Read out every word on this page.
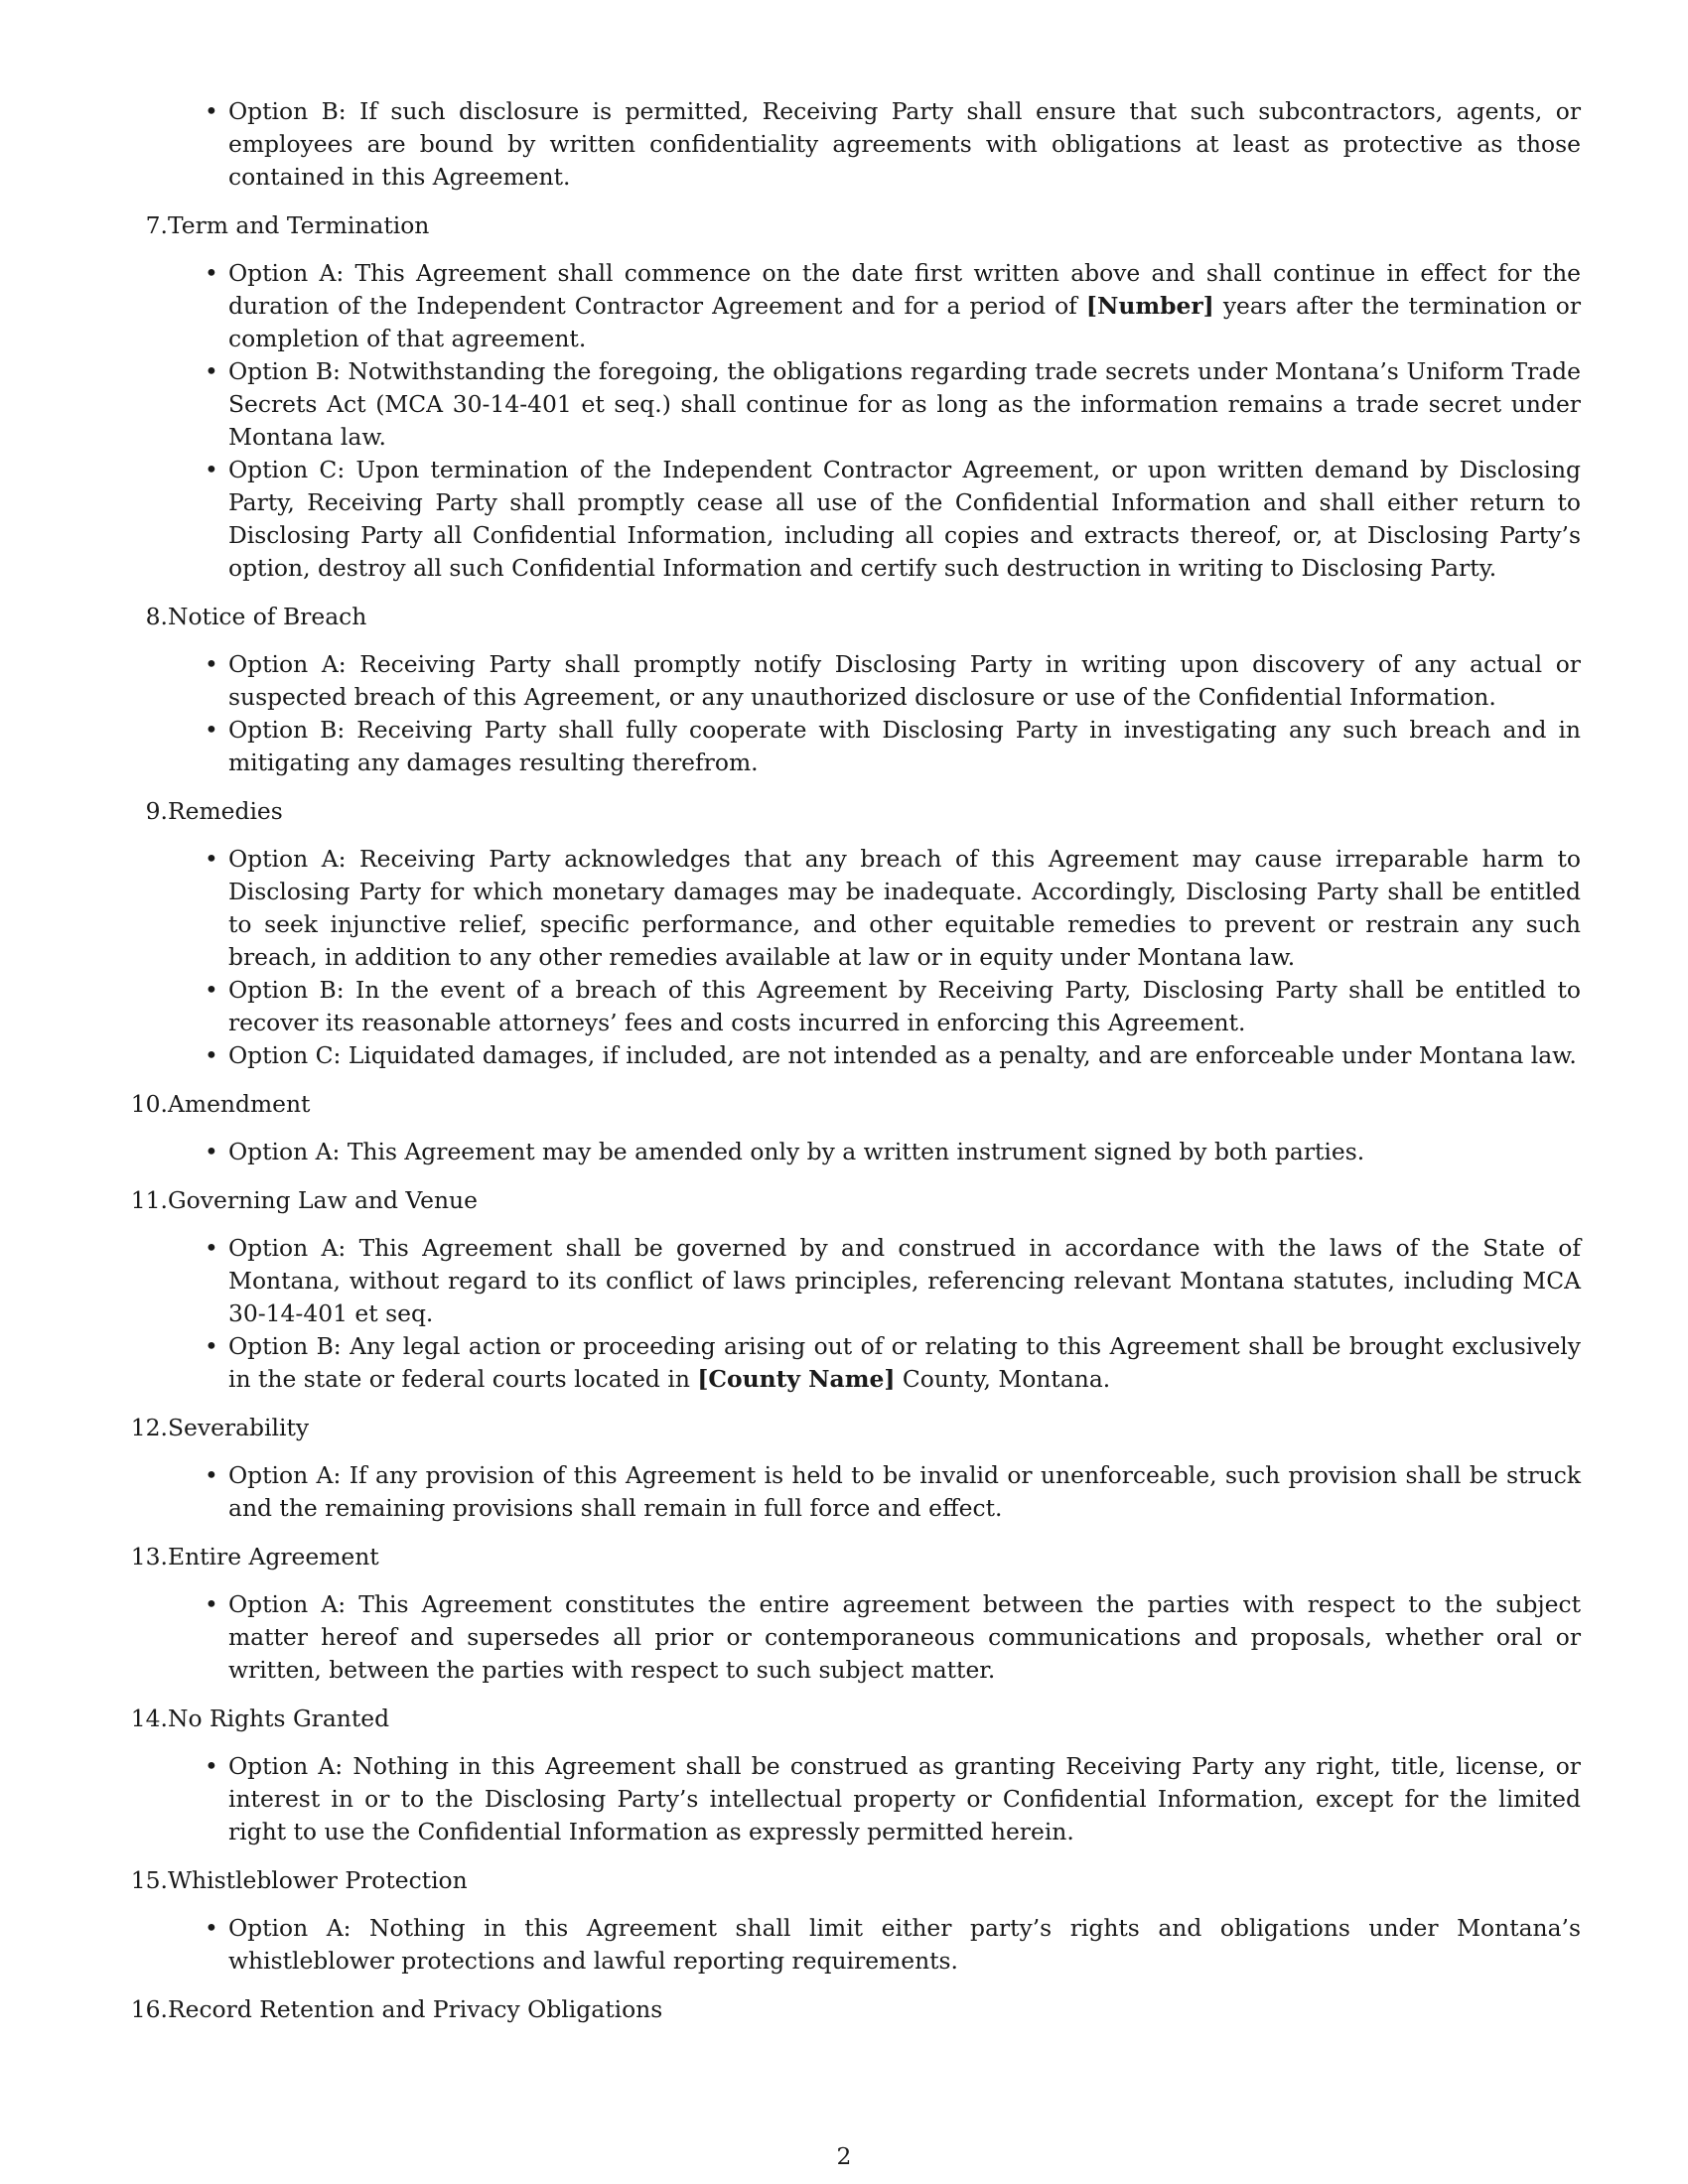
• Option B: If such disclosure is permitted, Receiving Party shall ensure that such subcontractors, agents, or employees are bound by written confidentiality agreements with obligations at least as protective as those contained in this Agreement.
7. Term and Termination
• Option A: This Agreement shall commence on the date first written above and shall continue in effect for the duration of the Independent Contractor Agreement and for a period of [Number] years after the termination or completion of that agreement.
• Option B: Notwithstanding the foregoing, the obligations regarding trade secrets under Montana’s Uniform Trade Secrets Act (MCA 30-14-401 et seq.) shall continue for as long as the information remains a trade secret under Montana law.
• Option C: Upon termination of the Independent Contractor Agreement, or upon written demand by Disclosing Party, Receiving Party shall promptly cease all use of the Confidential Information and shall either return to Disclosing Party all Confidential Information, including all copies and extracts thereof, or, at Disclosing Party’s option, destroy all such Confidential Information and certify such destruction in writing to Disclosing Party.
8. Notice of Breach
• Option A: Receiving Party shall promptly notify Disclosing Party in writing upon discovery of any actual or suspected breach of this Agreement, or any unauthorized disclosure or use of the Confidential Information.
• Option B: Receiving Party shall fully cooperate with Disclosing Party in investigating any such breach and in mitigating any damages resulting therefrom.
9. Remedies
• Option A: Receiving Party acknowledges that any breach of this Agreement may cause irreparable harm to Disclosing Party for which monetary damages may be inadequate. Accordingly, Disclosing Party shall be entitled to seek injunctive relief, specific performance, and other equitable remedies to prevent or restrain any such breach, in addition to any other remedies available at law or in equity under Montana law.
• Option B: In the event of a breach of this Agreement by Receiving Party, Disclosing Party shall be entitled to recover its reasonable attorneys’ fees and costs incurred in enforcing this Agreement.
• Option C: Liquidated damages, if included, are not intended as a penalty, and are enforceable under Montana law.
10. Amendment
• Option A: This Agreement may be amended only by a written instrument signed by both parties.
11. Governing Law and Venue
• Option A: This Agreement shall be governed by and construed in accordance with the laws of the State of Montana, without regard to its conflict of laws principles, referencing relevant Montana statutes, including MCA 30-14-401 et seq.
• Option B: Any legal action or proceeding arising out of or relating to this Agreement shall be brought exclusively in the state or federal courts located in [County Name] County, Montana.
12. Severability
• Option A: If any provision of this Agreement is held to be invalid or unenforceable, such provision shall be struck and the remaining provisions shall remain in full force and effect.
13. Entire Agreement
• Option A: This Agreement constitutes the entire agreement between the parties with respect to the subject matter hereof and supersedes all prior or contemporaneous communications and proposals, whether oral or written, between the parties with respect to such subject matter.
14. No Rights Granted
• Option A: Nothing in this Agreement shall be construed as granting Receiving Party any right, title, license, or interest in or to the Disclosing Party’s intellectual property or Confidential Information, except for the limited right to use the Confidential Information as expressly permitted herein.
15. Whistleblower Protection
• Option A: Nothing in this Agreement shall limit either party’s rights and obligations under Montana’s whistleblower protections and lawful reporting requirements.
16. Record Retention and Privacy Obligations
2
